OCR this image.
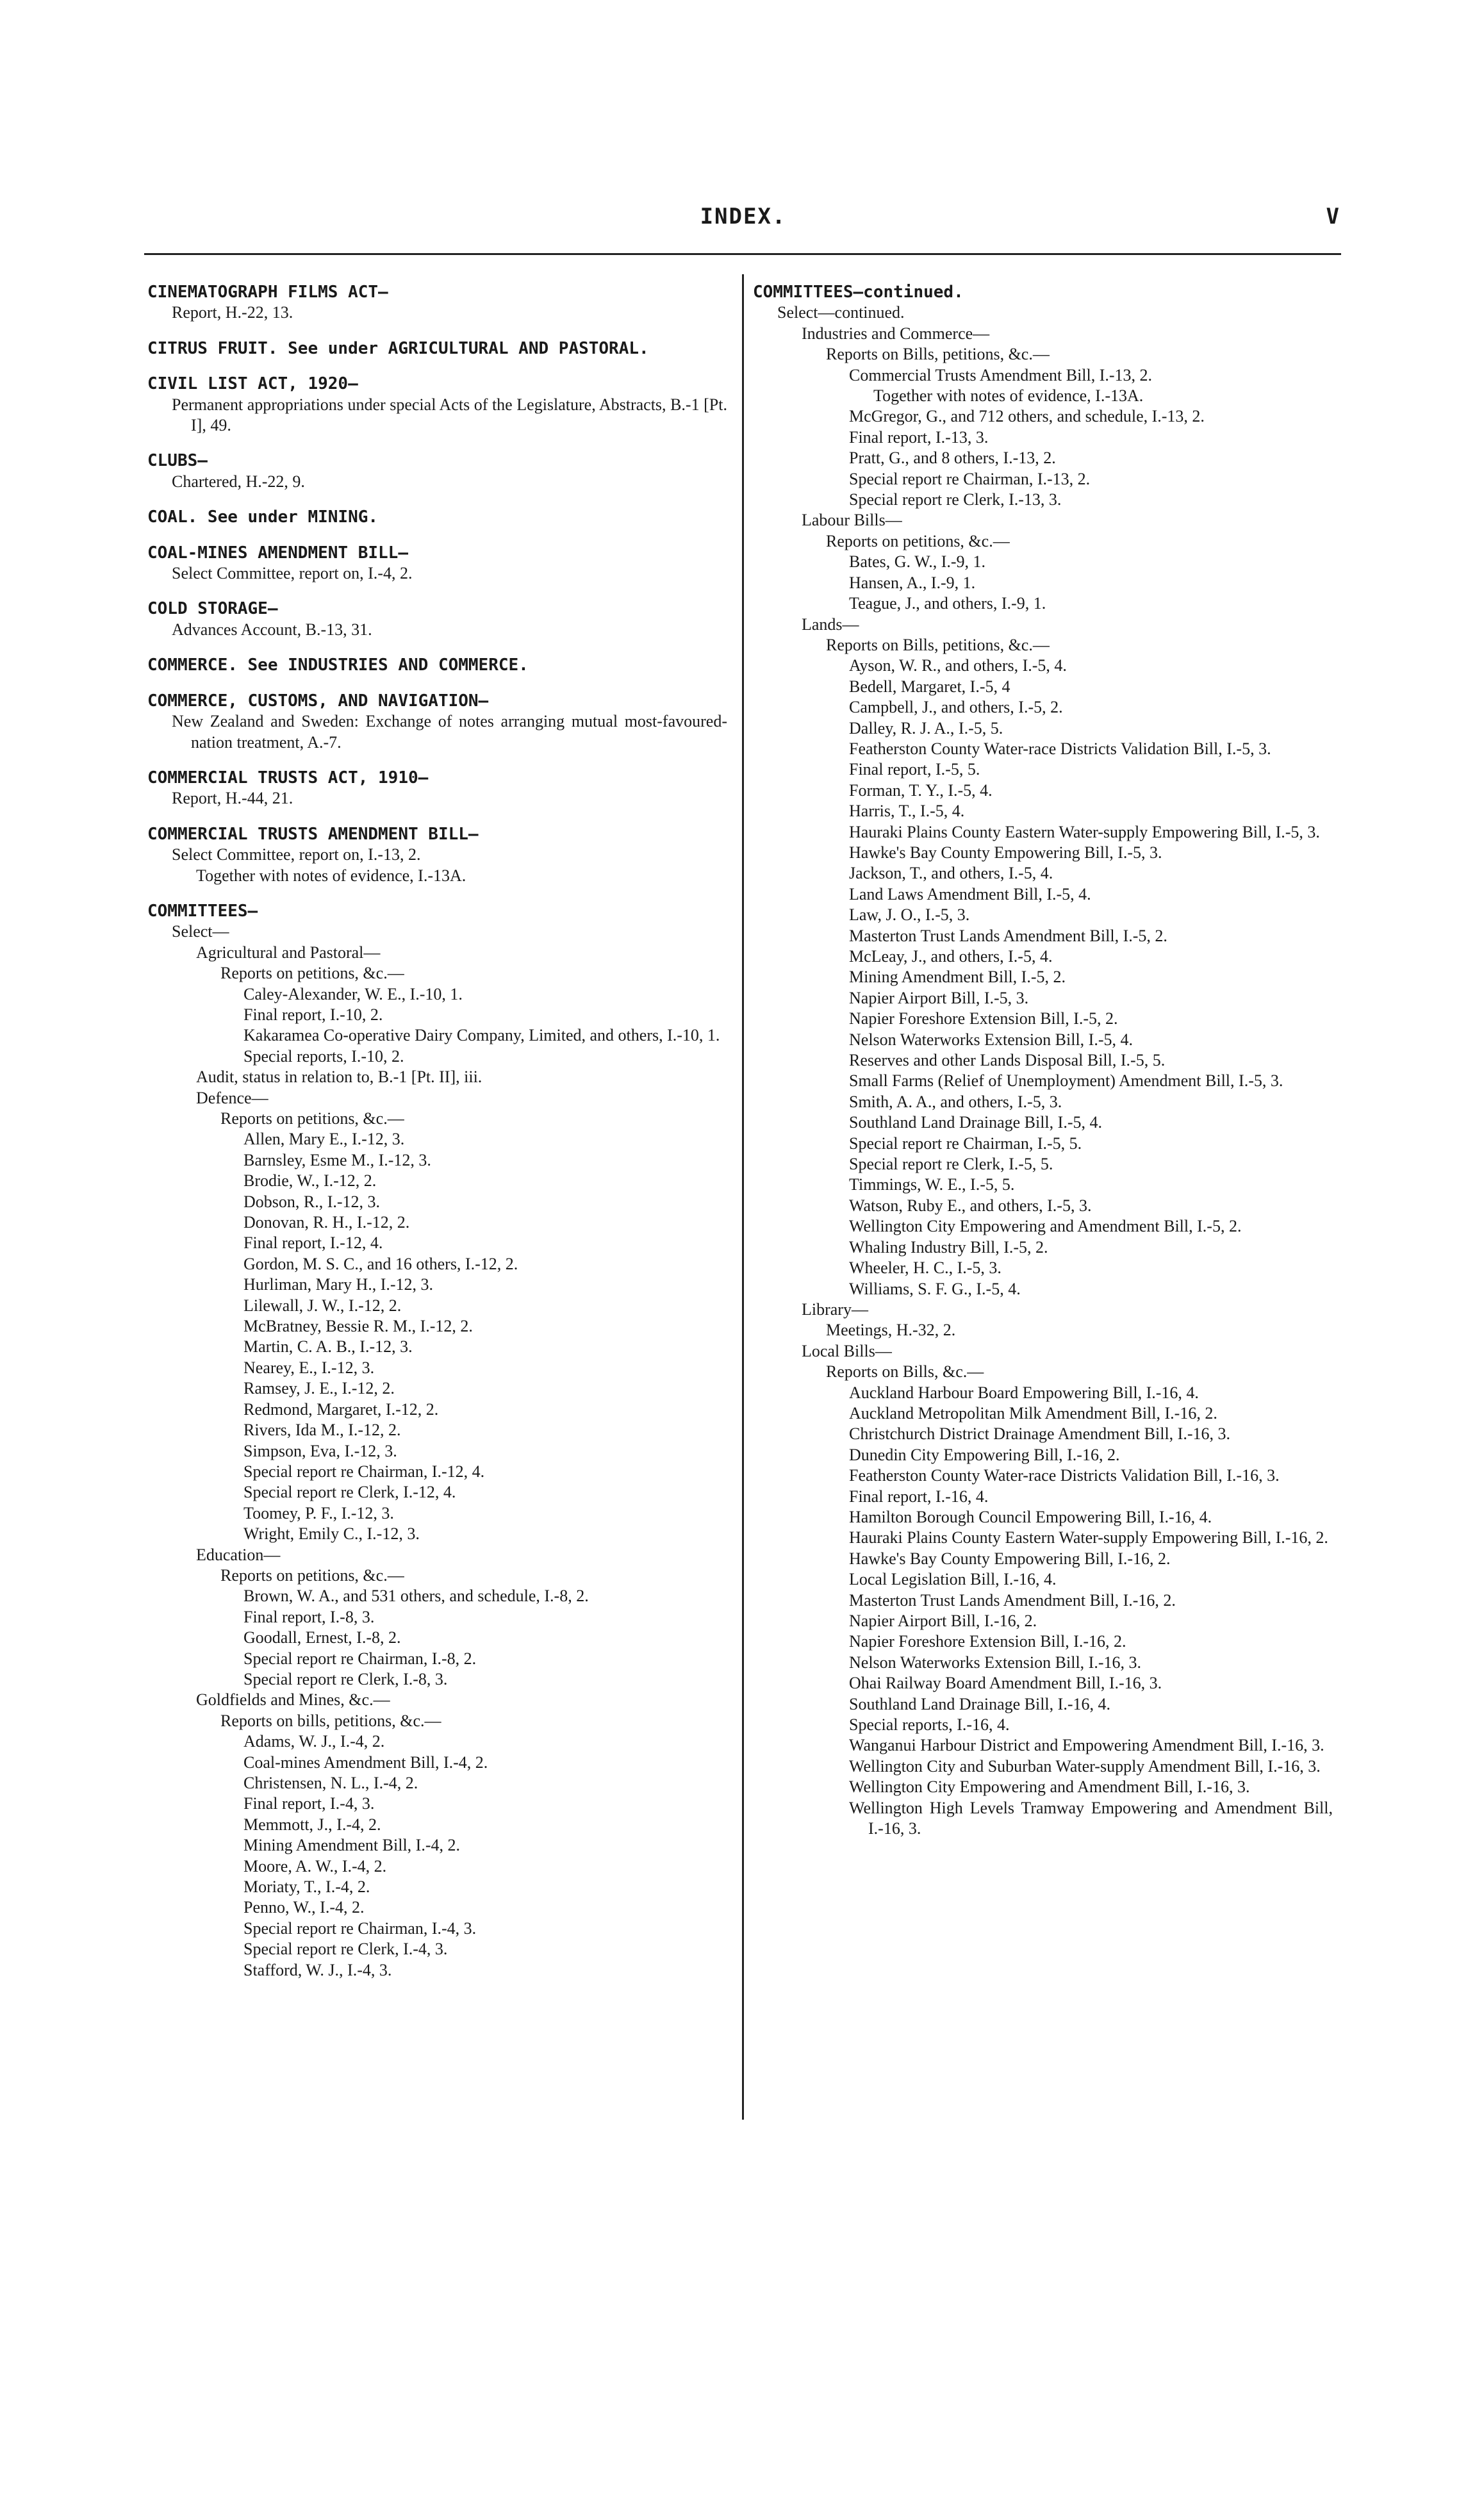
INDEX.	V
CINEMATOGRAPH FILMS ACT—
Report, H.-22, 13.
CITRUS FRUIT. See under AGRICULTURAL AND PASTORAL.
CIVIL LIST ACT, 1920—
Permanent appropriations under special Acts of the Legislature, Abstracts, B.-1 [Pt. I], 49.
CLUBS—
Chartered, H.-22, 9.
COAL. See under MINING.
COAL-MINES AMENDMENT BILL—
Select Committee, report on, I.-4, 2.
COLD STORAGE—
Advances Account, B.-13, 31.
COMMERCE. See INDUSTRIES AND COMMERCE.
COMMERCE, CUSTOMS, AND NAVIGATION—
New Zealand and Sweden: Exchange of notes arranging mutual most-favoured-nation treatment, A.-7.
COMMERCIAL TRUSTS ACT, 1910—
Report, H.-44, 21.
COMMERCIAL TRUSTS AMENDMENT BILL—
Select Committee, report on, I.-13, 2.
Together with notes of evidence, I.-13A.
COMMITTEES—
Select—
Agricultural and Pastoral—
Reports on petitions, &c.—
Caley-Alexander, W. E., I.-10, 1.
Final report, I.-10, 2.
Kakaramea Co-operative Dairy Company, Limited, and others, I.-10, 1.
Special reports, I.-10, 2.
Audit, status in relation to, B.-1 [Pt. II], iii.
Defence—
Reports on petitions, &c.—
Allen, Mary E., I.-12, 3.
Barnsley, Esme M., I.-12, 3.
Brodie, W., I.-12, 2.
Dobson, R., I.-12, 3.
Donovan, R. H., I.-12, 2.
Final report, I.-12, 4.
Gordon, M. S. C., and 16 others, I.-12, 2.
Hurliman, Mary H., I.-12, 3.
Lilewall, J. W., I.-12, 2.
McBratney, Bessie R. M., I.-12, 2.
Martin, C. A. B., I.-12, 3.
Nearey, E., I.-12, 3.
Ramsey, J. E., I.-12, 2.
Redmond, Margaret, I.-12, 2.
Rivers, Ida M., I.-12, 2.
Simpson, Eva, I.-12, 3.
Special report re Chairman, I.-12, 4.
Special report re Clerk, I.-12, 4.
Toomey, P. F., I.-12, 3.
Wright, Emily C., I.-12, 3.
Education—
Reports on petitions, &c.—
Brown, W. A., and 531 others, and schedule, I.-8, 2.
Final report, I.-8, 3.
Goodall, Ernest, I.-8, 2.
Special report re Chairman, I.-8, 2.
Special report re Clerk, I.-8, 3.
Goldfields and Mines, &c.—
Reports on bills, petitions, &c.—
Adams, W. J., I.-4, 2.
Coal-mines Amendment Bill, I.-4, 2.
Christensen, N. L., I.-4, 2.
Final report, I.-4, 3.
Memmott, J., I.-4, 2.
Mining Amendment Bill, I.-4, 2.
Moore, A. W., I.-4, 2.
Moriaty, T., I.-4, 2.
Penno, W., I.-4, 2.
Special report re Chairman, I.-4, 3.
Special report re Clerk, I.-4, 3.
Stafford, W. J., I.-4, 3.
COMMITTEES—continued.
Select—continued.
Industries and Commerce—
Reports on Bills, petitions, &c.—
Commercial Trusts Amendment Bill, I.-13, 2.
Together with notes of evidence, I.-13A.
McGregor, G., and 712 others, and schedule, I.-13, 2.
Final report, I.-13, 3.
Pratt, G., and 8 others, I.-13, 2.
Special report re Chairman, I.-13, 2.
Special report re Clerk, I.-13, 3.
Labour Bills—
Reports on petitions, &c.—
Bates, G. W., I.-9, 1.
Hansen, A., I.-9, 1.
Teague, J., and others, I.-9, 1.
Lands—
Reports on Bills, petitions, &c.—
Ayson, W. R., and others, I.-5, 4.
Bedell, Margaret, I.-5, 4
Campbell, J., and others, I.-5, 2.
Dalley, R. J. A., I.-5, 5.
Featherston County Water-race Districts Validation Bill, I.-5, 3.
Final report, I.-5, 5.
Forman, T. Y., I.-5, 4.
Harris, T., I.-5, 4.
Hauraki Plains County Eastern Water-supply Empowering Bill, I.-5, 3.
Hawke's Bay County Empowering Bill, I.-5, 3.
Jackson, T., and others, I.-5, 4.
Land Laws Amendment Bill, I.-5, 4.
Law, J. O., I.-5, 3.
Masterton Trust Lands Amendment Bill, I.-5, 2.
McLeay, J., and others, I.-5, 4.
Mining Amendment Bill, I.-5, 2.
Napier Airport Bill, I.-5, 3.
Napier Foreshore Extension Bill, I.-5, 2.
Nelson Waterworks Extension Bill, I.-5, 4.
Reserves and other Lands Disposal Bill, I.-5, 5.
Small Farms (Relief of Unemployment) Amendment Bill, I.-5, 3.
Smith, A. A., and others, I.-5, 3.
Southland Land Drainage Bill, I.-5, 4.
Special report re Chairman, I.-5, 5.
Special report re Clerk, I.-5, 5.
Timmings, W. E., I.-5, 5.
Watson, Ruby E., and others, I.-5, 3.
Wellington City Empowering and Amendment Bill, I.-5, 2.
Whaling Industry Bill, I.-5, 2.
Wheeler, H. C., I.-5, 3.
Williams, S. F. G., I.-5, 4.
Library—
Meetings, H.-32, 2.
Local Bills—
Reports on Bills, &c.—
Auckland Harbour Board Empowering Bill, I.-16, 4.
Auckland Metropolitan Milk Amendment Bill, I.-16, 2.
Christchurch District Drainage Amendment Bill, I.-16, 3.
Dunedin City Empowering Bill, I.-16, 2.
Featherston County Water-race Districts Validation Bill, I.-16, 3.
Final report, I.-16, 4.
Hamilton Borough Council Empowering Bill, I.-16, 4.
Hauraki Plains County Eastern Water-supply Empowering Bill, I.-16, 2.
Hawke's Bay County Empowering Bill, I.-16, 2.
Local Legislation Bill, I.-16, 4.
Masterton Trust Lands Amendment Bill, I.-16, 2.
Napier Airport Bill, I.-16, 2.
Napier Foreshore Extension Bill, I.-16, 2.
Nelson Waterworks Extension Bill, I.-16, 3.
Ohai Railway Board Amendment Bill, I.-16, 3.
Southland Land Drainage Bill, I.-16, 4.
Special reports, I.-16, 4.
Wanganui Harbour District and Empowering Amendment Bill, I.-16, 3.
Wellington City and Suburban Water-supply Amendment Bill, I.-16, 3.
Wellington City Empowering and Amendment Bill, I.-16, 3.
Wellington High Levels Tramway Empowering and Amendment Bill, I.-16, 3.
